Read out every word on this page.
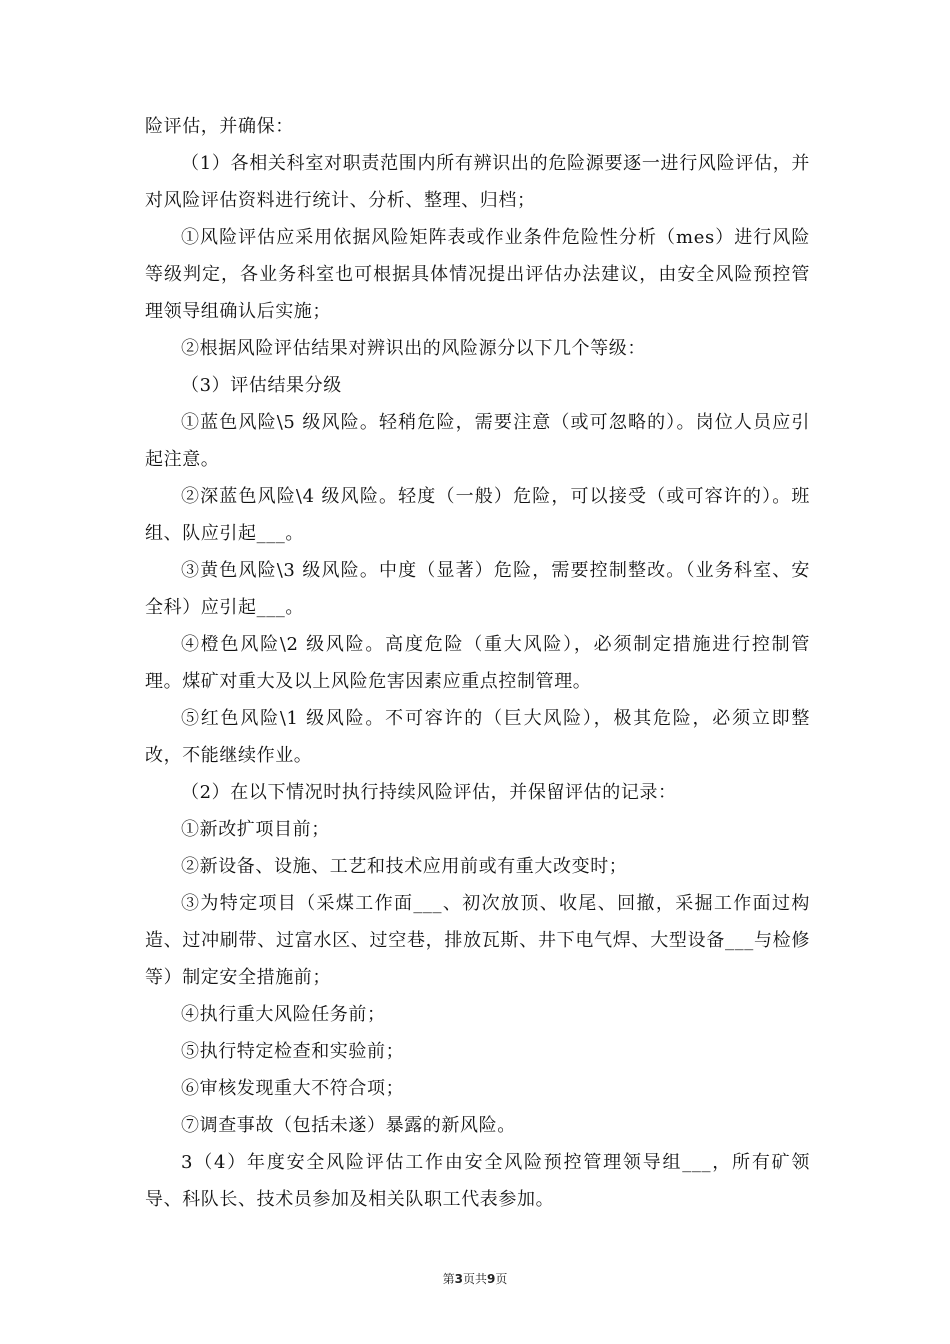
险评估，并确保：

（1）各相关科室对职责范围内所有辨识出的危险源要逐一进行风险评估，并对风险评估资料进行统计、分析、整理、归档；

①风险评估应采用依据风险矩阵表或作业条件危险性分析（mes）进行风险等级判定，各业务科室也可根据具体情况提出评估办法建议，由安全风险预控管理领导组确认后实施；

②根据风险评估结果对辨识出的风险源分以下几个等级：

（3）评估结果分级

①蓝色风险\5 级风险。轻稍危险，需要注意（或可忽略的）。岗位人员应引起注意。

②深蓝色风险\4 级风险。轻度（一般）危险，可以接受（或可容许的）。班组、队应引起___。

③黄色风险\3 级风险。中度（显著）危险，需要控制整改。（业务科室、安全科）应引起___。

④橙色风险\2 级风险。高度危险（重大风险），必须制定措施进行控制管理。煤矿对重大及以上风险危害因素应重点控制管理。

⑤红色风险\1 级风险。不可容许的（巨大风险），极其危险，必须立即整改，不能继续作业。

（2）在以下情况时执行持续风险评估，并保留评估的记录：

①新改扩项目前；

②新设备、设施、工艺和技术应用前或有重大改变时；

③为特定项目（采煤工作面___、初次放顶、收尾、回撤，采掘工作面过构造、过冲刷带、过富水区、过空巷，排放瓦斯、井下电气焊、大型设备___与检修等）制定安全措施前；

④执行重大风险任务前；

⑤执行特定检查和实验前；

⑥审核发现重大不符合项；

⑦调查事故（包括未遂）暴露的新风险。

3（4）年度安全风险评估工作由安全风险预控管理领导组___，所有矿领导、科队长、技术员参加及相关队职工代表参加。

第3页共9页
